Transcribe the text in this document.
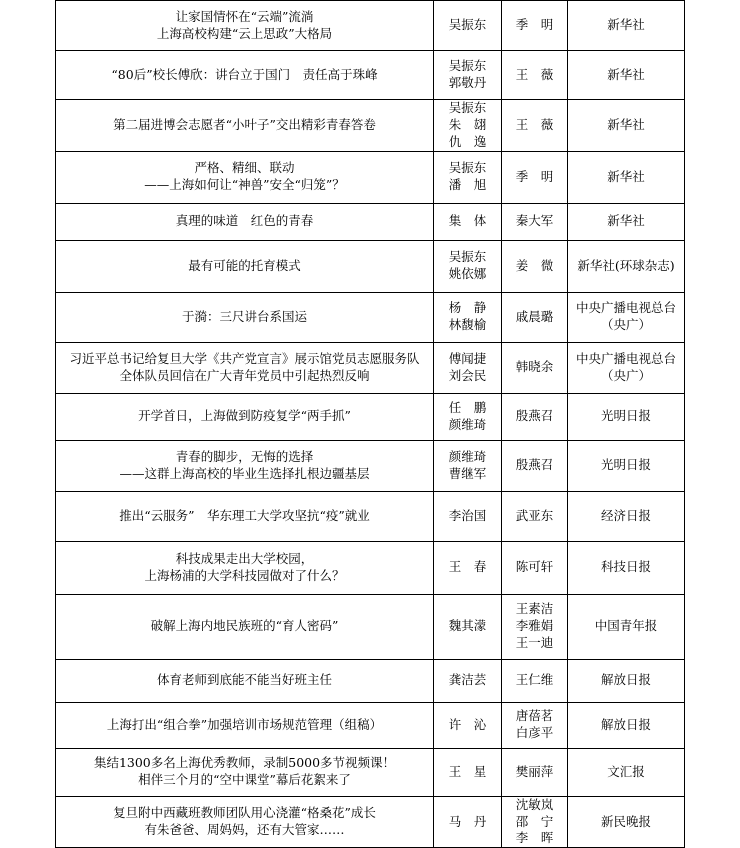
让家国情怀在“云端”流淌
上海高校构建“云上思政”大格局	吴振东	季　明	新华社

“80后”校长傅欣：讲台立于国门　责任高于珠峰	吴振东
郭敬丹	王　薇	新华社

第二届进博会志愿者“小叶子”交出精彩青春答卷	吴振东
朱　翃
仇　逸	王　薇	新华社

严格、精细、联动
——上海如何让“神兽”安全“归笼”？	吴振东
潘　旭	季　明	新华社

真理的味道　红色的青春	集　体	秦大军	新华社

最有可能的托育模式	吴振东
姚依娜	姜　微	新华社(环球杂志)

于漪：三尺讲台系国运	杨　静
林馥榆	戚晨璐	中央广播电视总台
（央广）

习近平总书记给复旦大学《共产党宣言》展示馆党员志愿服务队
全体队员回信在广大青年党员中引起热烈反响	傅闻捷
刘会民	韩晓余	中央广播电视总台
（央广）

开学首日，上海做到防疫复学“两手抓”	任　鹏
颜维琦	殷燕召	光明日报

青春的脚步，无悔的选择
——这群上海高校的毕业生选择扎根边疆基层	颜维琦
曹继军	殷燕召	光明日报

推出“云服务”　华东理工大学攻坚抗“疫”就业	李治国	武亚东	经济日报

科技成果走出大学校园，
上海杨浦的大学科技园做对了什么？	王　春	陈可轩	科技日报

破解上海内地民族班的“育人密码”	魏其濛	王素洁
李雅娟
王一迪	中国青年报

体育老师到底能不能当好班主任	龚洁芸	王仁维	解放日报

上海打出“组合拳”加强培训市场规范管理（组稿）	许　沁	唐蓓茗
白彦平	解放日报

集结1300多名上海优秀教师，录制5000多节视频课！
相伴三个月的“空中课堂”幕后花絮来了	王　星	樊丽萍	文汇报

复旦附中西藏班教师团队用心浇灌“格桑花”成长
有朱爸爸、周妈妈，还有大管家……	马　丹	沈敏岚
邵　宁
李　晖	新民晚报
